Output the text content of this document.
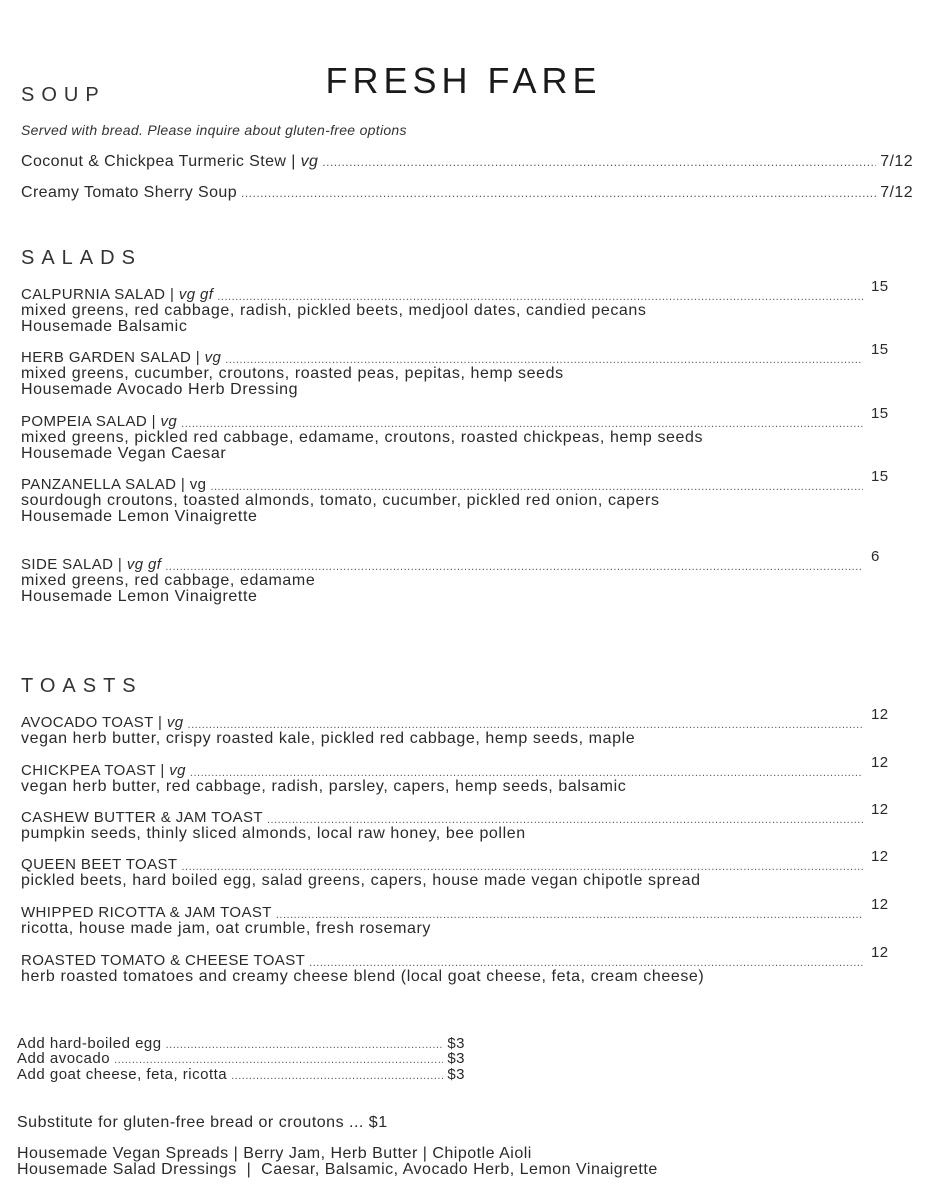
FRESH FARE
SOUP
Served with bread. Please inquire about gluten-free options
Coconut & Chickpea Turmeric Stew | vg .....	7/12
Creamy Tomato Sherry Soup .....	7/12
SALADS
CALPURNIA SALAD | vg gf
.....	15
mixed greens, red cabbage, radish, pickled beets, medjool dates, candied pecans
Housemade Balsamic
HERB GARDEN SALAD | vg
.....	15
mixed greens, cucumber, croutons, roasted peas, pepitas, hemp seeds
Housemade Avocado Herb Dressing
POMPEIA SALAD | vg
.....	15
mixed greens, pickled red cabbage, edamame, croutons, roasted chickpeas, hemp seeds
Housemade Vegan Caesar
PANZANELLA SALAD | vg
.....	15
sourdough croutons, toasted almonds, tomato, cucumber, pickled red onion, capers
Housemade Lemon Vinaigrette
SIDE SALAD | vg gf
.....	6
mixed greens, red cabbage, edamame
Housemade Lemon Vinaigrette
TOASTS
AVOCADO TOAST | vg
.....	12
vegan herb butter, crispy roasted kale, pickled red cabbage, hemp seeds, maple
CHICKPEA TOAST | vg
.....	12
vegan herb butter, red cabbage, radish, parsley, capers, hemp seeds, balsamic
CASHEW BUTTER & JAM TOAST
.....	12
pumpkin seeds, thinly sliced almonds, local raw honey, bee pollen
QUEEN BEET TOAST
.....	12
pickled beets, hard boiled egg, salad greens, capers, house made vegan chipotle spread
WHIPPED RICOTTA & JAM TOAST
.....	12
ricotta, house made jam, oat crumble, fresh rosemary
ROASTED TOMATO & CHEESE TOAST
.....	12
herb roasted tomatoes and creamy cheese blend (local goat cheese, feta, cream cheese)
Add hard-boiled egg .....	$3
Add avocado .....	$3
Add goat cheese, feta, ricotta .....	$3
Substitute for gluten-free bread or croutons ... $1
Housemade Vegan Spreads | Berry Jam, Herb Butter | Chipotle Aioli
Housemade Salad Dressings  |  Caesar, Balsamic, Avocado Herb, Lemon Vinaigrette
